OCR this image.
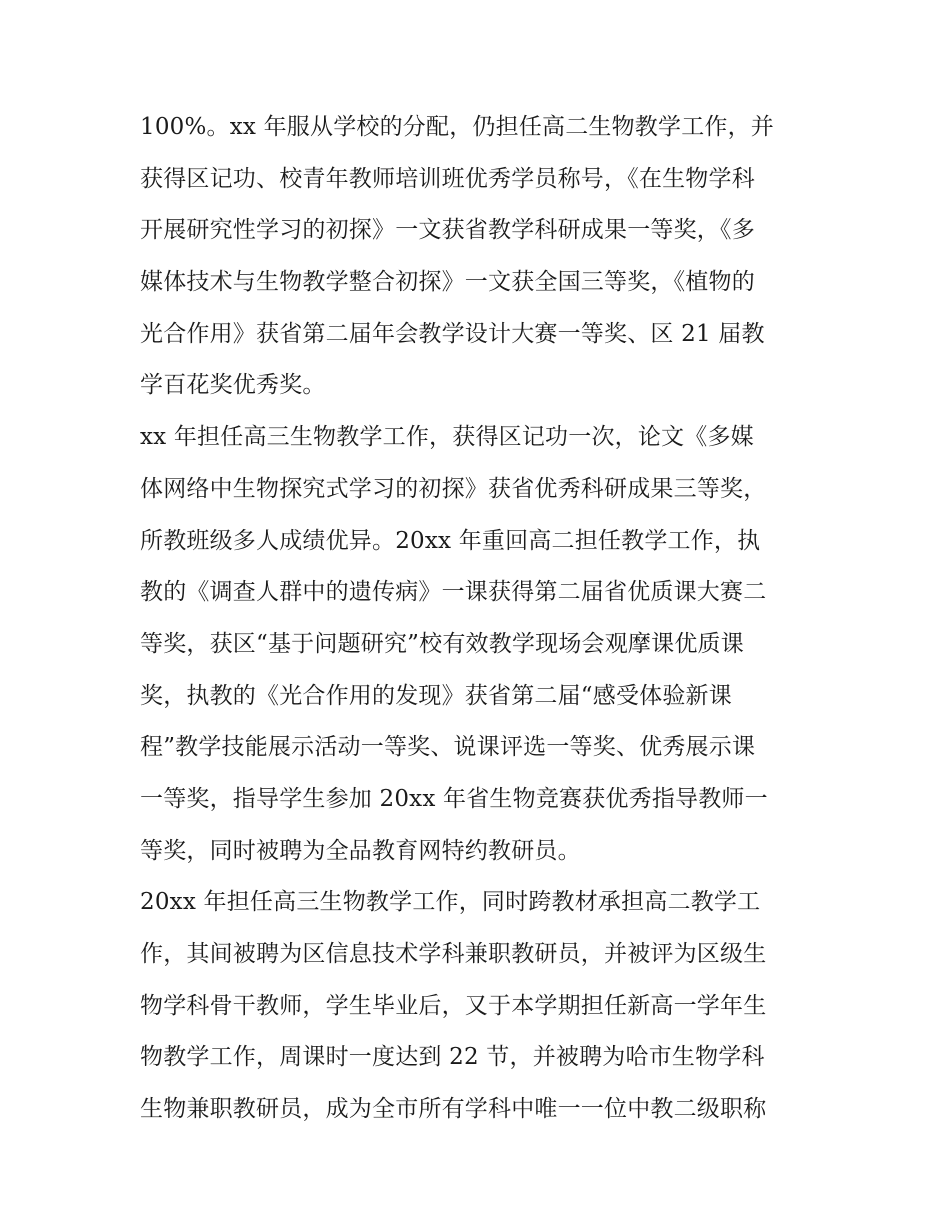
100%。xx 年服从学校的分配，仍担任高二生物教学工作，并
获得区记功、校青年教师培训班优秀学员称号，《在生物学科
开展研究性学习的初探》一文获省教学科研成果一等奖，《多
媒体技术与生物教学整合初探》一文获全国三等奖，《植物的
光合作用》获省第二届年会教学设计大赛一等奖、区 21 届教
学百花奖优秀奖。
xx 年担任高三生物教学工作，获得区记功一次，论文《多媒
体网络中生物探究式学习的初探》获省优秀科研成果三等奖，
所教班级多人成绩优异。20xx 年重回高二担任教学工作，执
教的《调查人群中的遗传病》一课获得第二届省优质课大赛二
等奖，获区“基于问题研究”校有效教学现场会观摩课优质课
奖，执教的《光合作用的发现》获省第二届“感受体验新课
程”教学技能展示活动一等奖、说课评选一等奖、优秀展示课
一等奖，指导学生参加 20xx 年省生物竞赛获优秀指导教师一
等奖，同时被聘为全品教育网特约教研员。
20xx 年担任高三生物教学工作，同时跨教材承担高二教学工
作，其间被聘为区信息技术学科兼职教研员，并被评为区级生
物学科骨干教师，学生毕业后，又于本学期担任新高一学年生
物教学工作，周课时一度达到 22 节，并被聘为哈市生物学科
生物兼职教研员，成为全市所有学科中唯一一位中教二级职称
